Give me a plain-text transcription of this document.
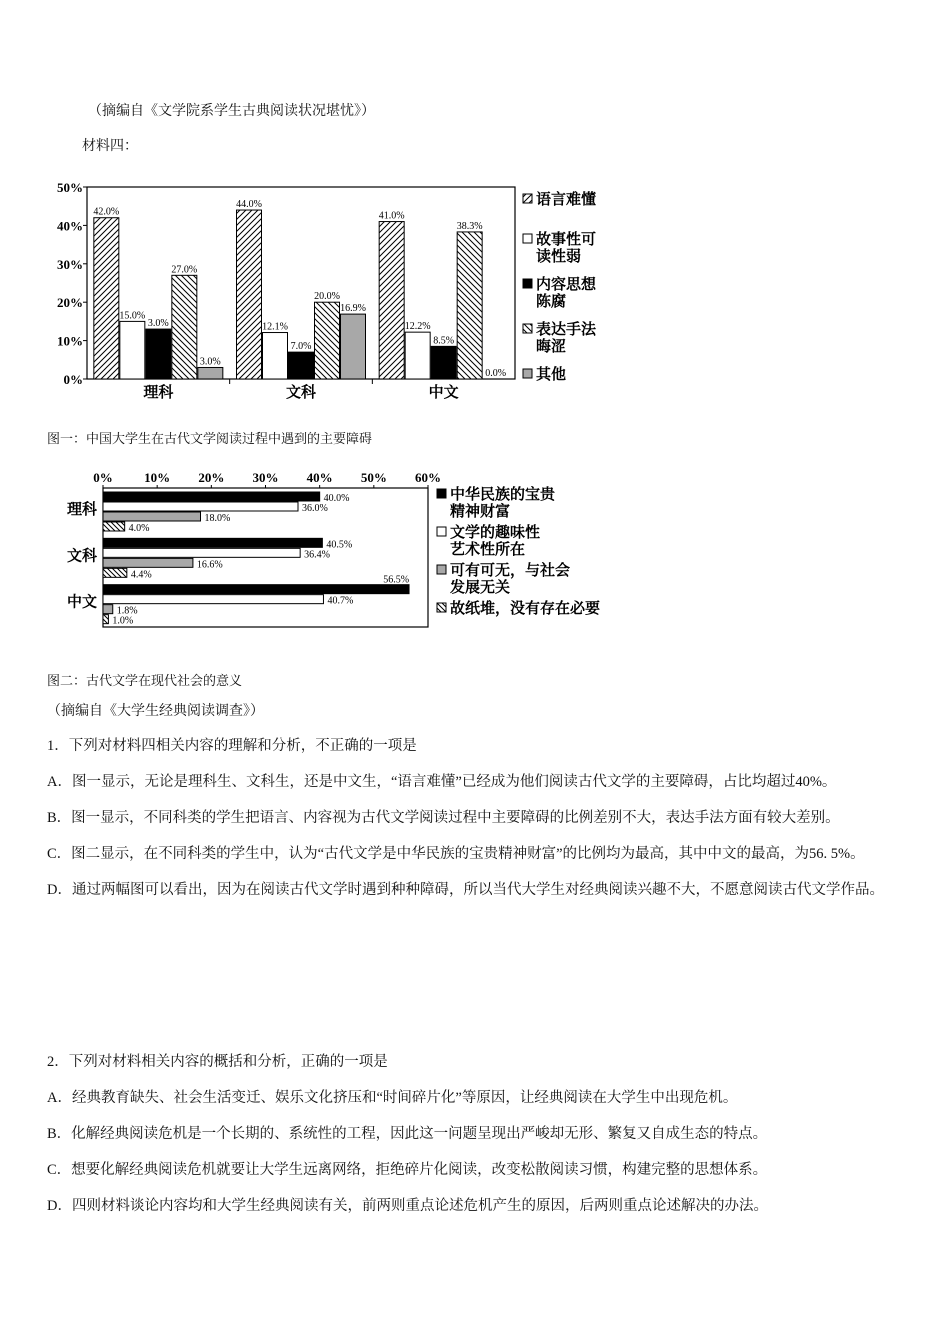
（摘编自《文学院系学生古典阅读状况堪忧》）
材料四：
0%
10%
20%
30%
40%
50%
理科	文科	中文
42.0%
15.0%
3.0%
27.0%
3.0%
44.0%
12.1%
7.0%
20.0%
16.9%
41.0%
12.2%
8.5%
38.3%
0.0%
语言难懂
故事性可
读性弱
内容思想
陈腐
表达手法
晦涩
其他
图一：中国大学生在古代文学阅读过程中遇到的主要障碍
0% 10% 20% 30% 40% 50% 60%
理科
文科
中文
40.0%
36.0%
18.0%
4.0%
40.5%
36.4%
16.6%
4.4%	56.5%
40.7%
1.8%
1.0%
中华民族的宝贵
精神财富
文学的趣味性
艺术性所在
可有可无，与社会
发展无关
故纸堆，没有存在必要
图二：古代文学在现代社会的意义
（摘编自《大学生经典阅读调查》）
1．下列对材料四相关内容的理解和分析，不正确的一项是
A．图一显示，无论是理科生、文科生，还是中文生，“语言难懂”已经成为他们阅读古代文学的主要障碍，占比均超过40%。
B．图一显示，不同科类的学生把语言、内容视为古代文学阅读过程中主要障碍的比例差别不大，表达手法方面有较大差别。
C．图二显示，在不同科类的学生中，认为“古代文学是中华民族的宝贵精神财富”的比例均为最高，其中中文的最高，为56. 5%。
D．通过两幅图可以看出，因为在阅读古代文学时遇到种种障碍，所以当代大学生对经典阅读兴趣不大，不愿意阅读古代文学作品。
2．下列对材料相关内容的概括和分析，正确的一项是
A．经典教育缺失、社会生活变迁、娱乐文化挤压和“时间碎片化”等原因，让经典阅读在大学生中出现危机。
B．化解经典阅读危机是一个长期的、系统性的工程，因此这一问题呈现出严峻却无形、繁复又自成生态的特点。
C．想要化解经典阅读危机就要让大学生远离网络，拒绝碎片化阅读，改变松散阅读习惯，构建完整的思想体系。
D．四则材料谈论内容均和大学生经典阅读有关，前两则重点论述危机产生的原因，后两则重点论述解决的办法。
